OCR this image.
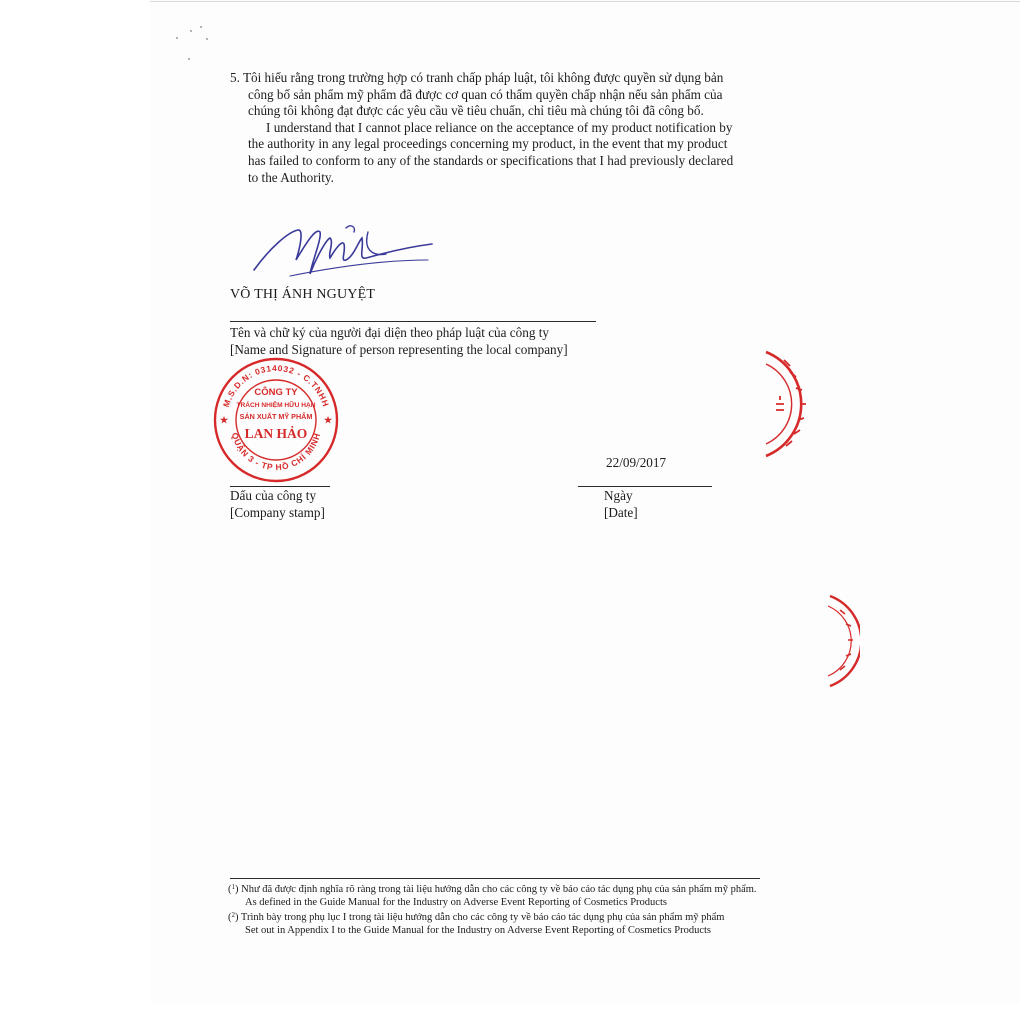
5. Tôi hiểu rằng trong trường hợp có tranh chấp pháp luật, tôi không được quyền sử dụng bản
công bố sản phẩm mỹ phẩm đã được cơ quan có thẩm quyền chấp nhận nếu sản phẩm của
chúng tôi không đạt được các yêu cầu về tiêu chuẩn, chỉ tiêu mà chúng tôi đã công bố.
I understand that I cannot place reliance on the acceptance of my product notification by
the authority in any legal proceedings concerning my product, in the event that my product
has failed to conform to any of the standards or specifications that I had previously declared
to the Authority.
VÕ THỊ ÁNH NGUYỆT
Tên và chữ ký của người đại diện theo pháp luật của công ty
[Name and Signature of person representing the local company]
M.S.D.N: 0314032 - C.TNHH
QUẬN 3 - TP HỒ CHÍ MINH
CÔNG TY
TRÁCH NHIỆM HỮU HẠN
SẢN XUẤT MỸ PHẨM
LAN HẢO
★	★
Dấu của công ty
[Company stamp]
22/09/2017
Ngày
[Date]
($^1$) Như đã được định nghĩa rõ ràng trong tài liệu hướng dẫn cho các công ty về báo cáo tác dụng phụ của sản phẩm mỹ phẩm.
As defined in the Guide Manual for the Industry on Adverse Event Reporting of Cosmetics Products
($^2$) Trình bày trong phụ lục I trong tài liệu hướng dẫn cho các công ty về báo cáo tác dụng phụ của sản phẩm mỹ phẩm
Set out in Appendix I to the Guide Manual for the Industry on Adverse Event Reporting of Cosmetics Products
